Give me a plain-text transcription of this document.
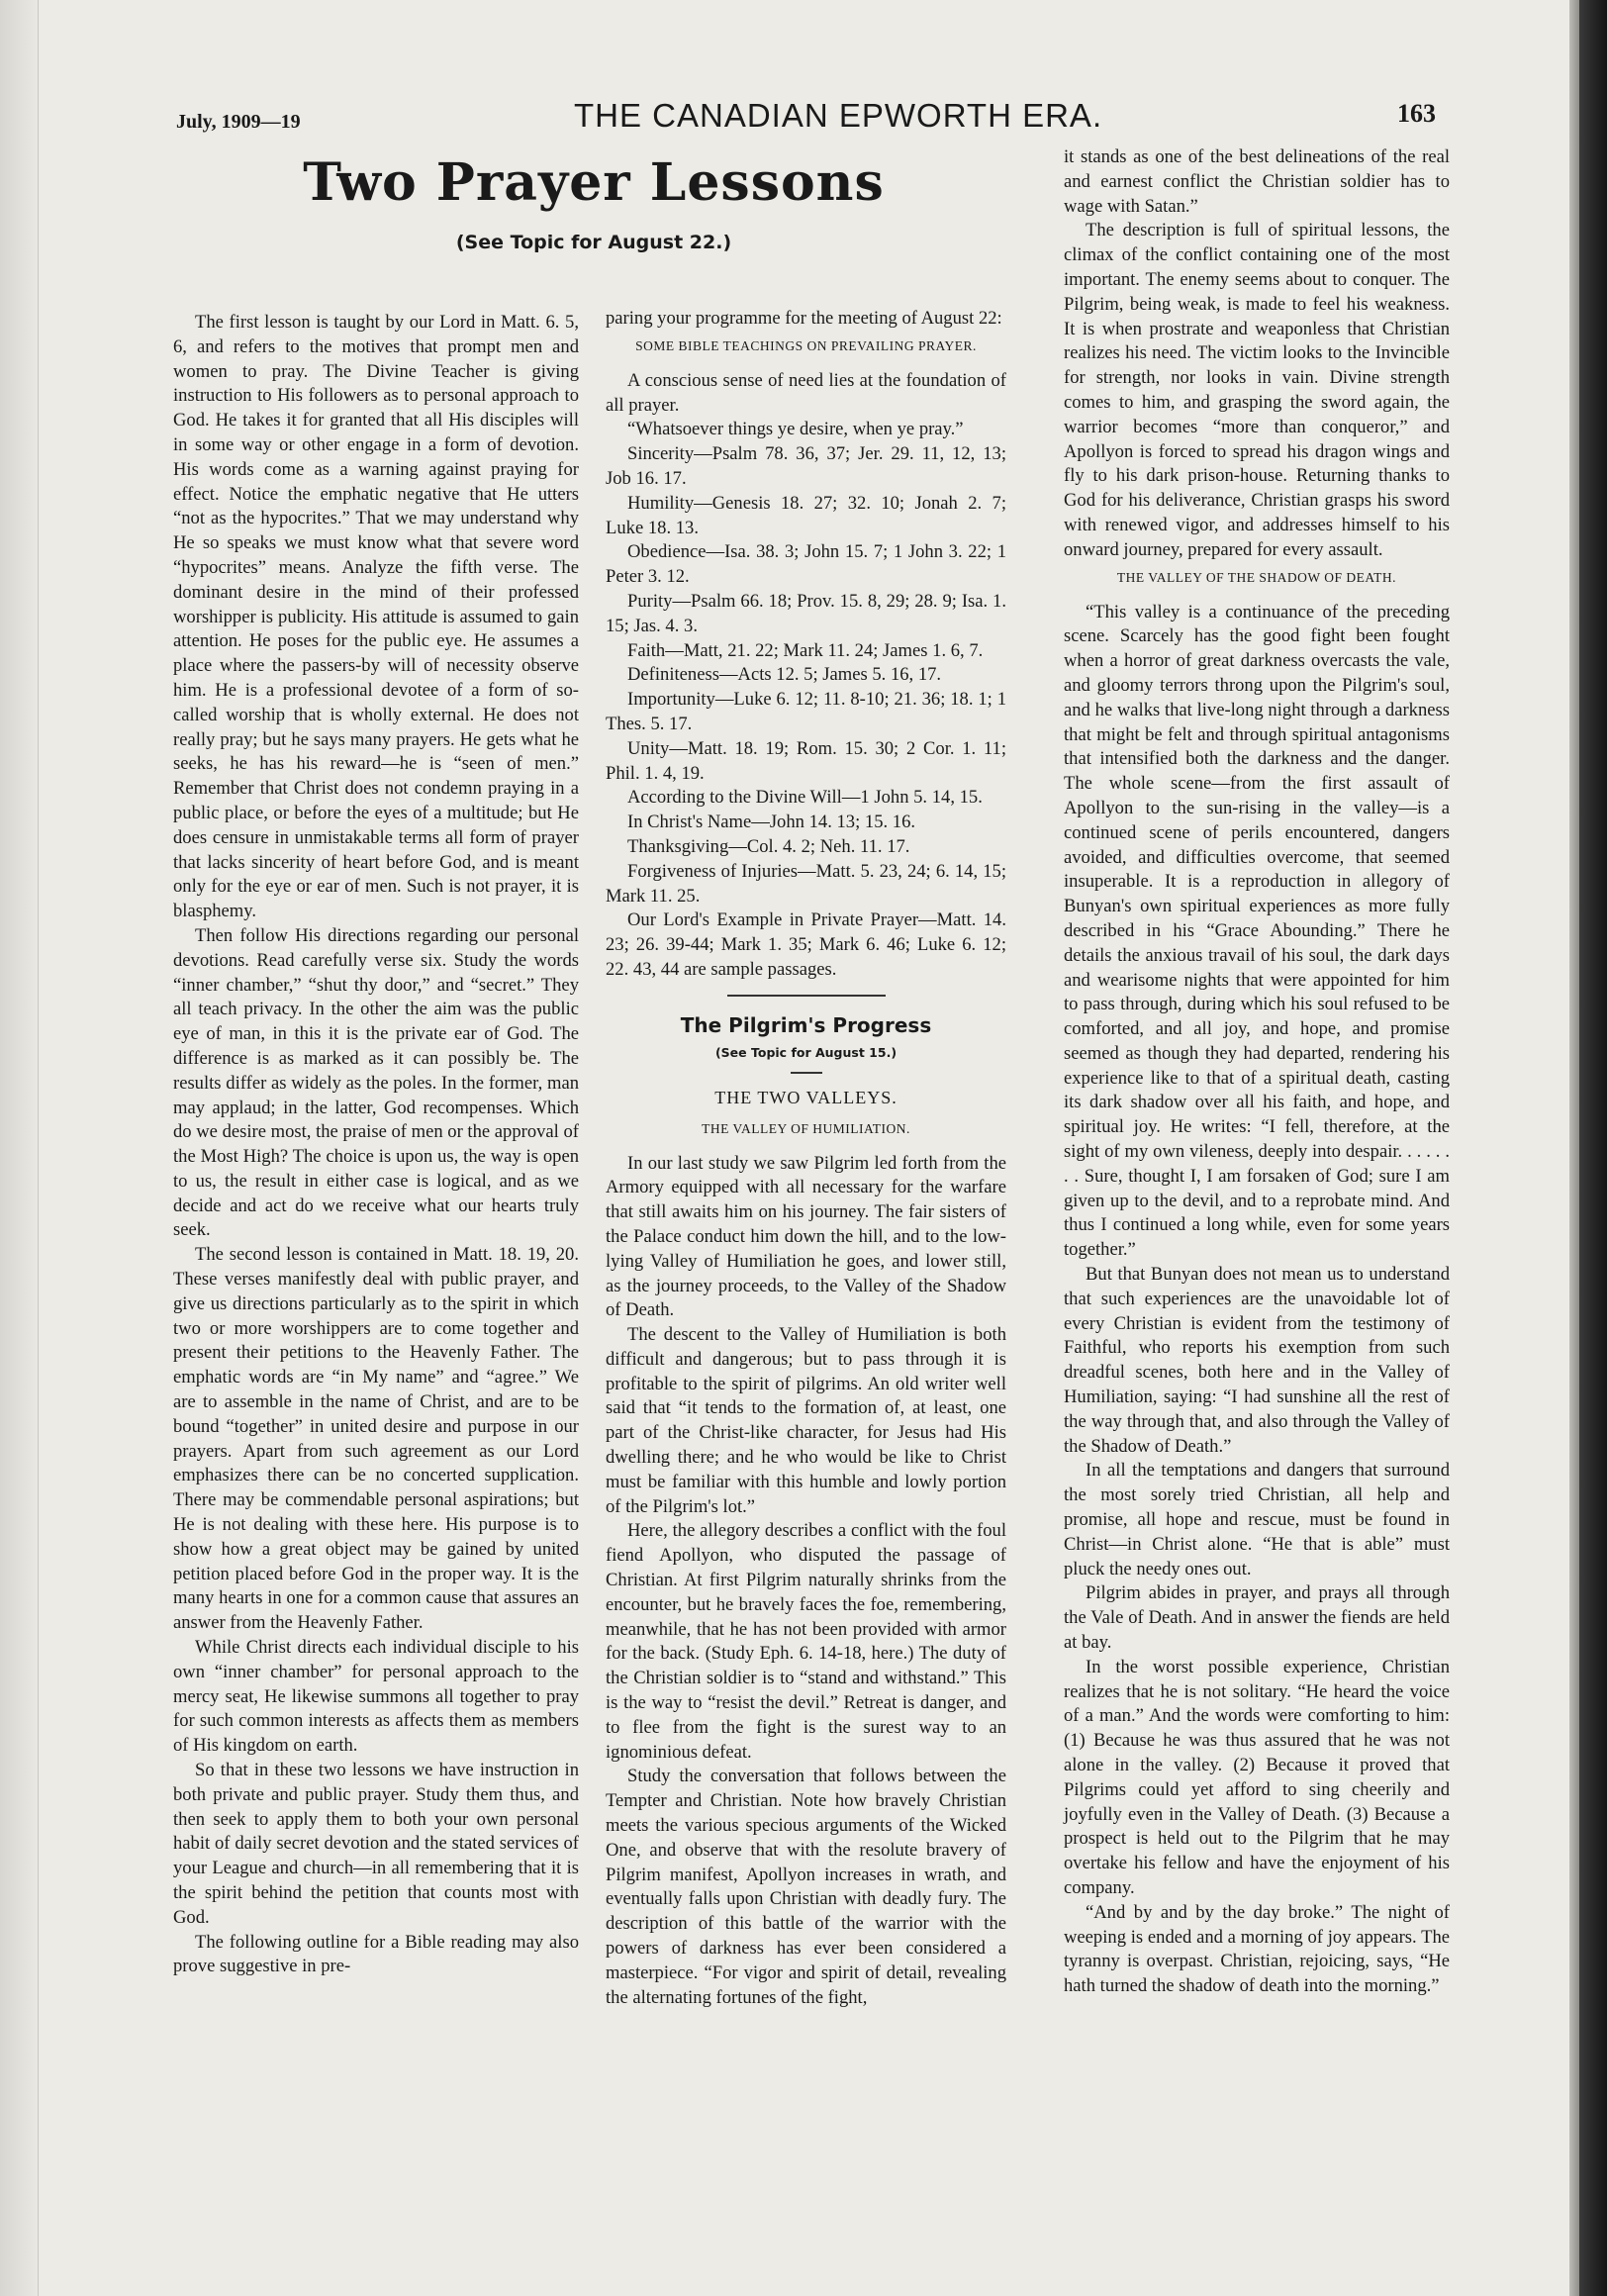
July, 1909—19	THE CANADIAN EPWORTH ERA.	163
Two Prayer Lessons
(See Topic for August 22.)

The first lesson is taught by our Lord in Matt. 6. 5, 6, and refers to the motives that prompt men and women to pray. The Divine Teacher is giving instruction to His followers as to personal approach to God. He takes it for granted that all His disciples will in some way or other engage in a form of devotion. His words come as a warning against praying for effect. Notice the emphatic negative that He utters “not as the hypocrites.” That we may understand why He so speaks we must know what that severe word “hypocrites” means. Analyze the fifth verse. The dominant desire in the mind of their professed worshipper is publicity. His attitude is assumed to gain attention. He poses for the public eye. He assumes a place where the passers-by will of necessity observe him. He is a professional devotee of a form of so-called worship that is wholly external. He does not really pray; but he says many prayers. He gets what he seeks, he has his reward—he is “seen of men.” Remember that Christ does not condemn praying in a public place, or before the eyes of a multitude; but He does censure in unmistakable terms all form of prayer that lacks sincerity of heart before God, and is meant only for the eye or ear of men. Such is not prayer, it is blasphemy.

Then follow His directions regarding our personal devotions. Read carefully verse six. Study the words “inner chamber,” “shut thy door,” and “secret.” They all teach privacy. In the other the aim was the public eye of man, in this it is the private ear of God. The difference is as marked as it can possibly be. The results differ as widely as the poles. In the former, man may applaud; in the latter, God recompenses. Which do we desire most, the praise of men or the approval of the Most High? The choice is upon us, the way is open to us, the result in either case is logical, and as we decide and act do we receive what our hearts truly seek.

The second lesson is contained in Matt. 18. 19, 20. These verses manifestly deal with public prayer, and give us directions particularly as to the spirit in which two or more worshippers are to come together and present their petitions to the Heavenly Father. The emphatic words are “in My name” and “agree.” We are to assemble in the name of Christ, and are to be bound “together” in united desire and purpose in our prayers. Apart from such agreement as our Lord emphasizes there can be no concerted supplication. There may be commendable personal aspirations; but He is not dealing with these here. His purpose is to show how a great object may be gained by united petition placed before God in the proper way. It is the many hearts in one for a common cause that assures an answer from the Heavenly Father.

While Christ directs each individual disciple to his own “inner chamber” for personal approach to the mercy seat, He likewise summons all together to pray for such common interests as affects them as members of His kingdom on earth.

So that in these two lessons we have instruction in both private and public prayer. Study them thus, and then seek to apply them to both your own personal habit of daily secret devotion and the stated services of your League and church—in all remembering that it is the spirit behind the petition that counts most with God.

The following outline for a Bible reading may also prove suggestive in pre-

paring your programme for the meeting of August 22:

SOME BIBLE TEACHINGS ON PREVAILING PRAYER.

A conscious sense of need lies at the foundation of all prayer.

“Whatsoever things ye desire, when ye pray.”

Sincerity—Psalm 78. 36, 37; Jer. 29. 11, 12, 13; Job 16. 17.

Humility—Genesis 18. 27; 32. 10; Jonah 2. 7; Luke 18. 13.

Obedience—Isa. 38. 3; John 15. 7; 1 John 3. 22; 1 Peter 3. 12.

Purity—Psalm 66. 18; Prov. 15. 8, 29; 28. 9; Isa. 1. 15; Jas. 4. 3.

Faith—Matt, 21. 22; Mark 11. 24; James 1. 6, 7.

Definiteness—Acts 12. 5; James 5. 16, 17.

Importunity—Luke 6. 12; 11. 8-10; 21. 36; 18. 1; 1 Thes. 5. 17.

Unity—Matt. 18. 19; Rom. 15. 30; 2 Cor. 1. 11; Phil. 1. 4, 19.

According to the Divine Will—1 John 5. 14, 15.

In Christ's Name—John 14. 13; 15. 16.

Thanksgiving—Col. 4. 2; Neh. 11. 17.

Forgiveness of Injuries—Matt. 5. 23, 24; 6. 14, 15; Mark 11. 25.

Our Lord's Example in Private Prayer—Matt. 14. 23; 26. 39-44; Mark 1. 35; Mark 6. 46; Luke 6. 12; 22. 43, 44 are sample passages.

The Pilgrim's Progress
(See Topic for August 15.)
THE TWO VALLEYS.

THE VALLEY OF HUMILIATION.

In our last study we saw Pilgrim led forth from the Armory equipped with all necessary for the warfare that still awaits him on his journey. The fair sisters of the Palace conduct him down the hill, and to the low-lying Valley of Humiliation he goes, and lower still, as the journey proceeds, to the Valley of the Shadow of Death.

The descent to the Valley of Humiliation is both difficult and dangerous; but to pass through it is profitable to the spirit of pilgrims. An old writer well said that “it tends to the formation of, at least, one part of the Christ-like character, for Jesus had His dwelling there; and he who would be like to Christ must be familiar with this humble and lowly portion of the Pilgrim's lot.”

Here, the allegory describes a conflict with the foul fiend Apollyon, who disputed the passage of Christian. At first Pilgrim naturally shrinks from the encounter, but he bravely faces the foe, remembering, meanwhile, that he has not been provided with armor for the back. (Study Eph. 6. 14-18, here.) The duty of the Christian soldier is to “stand and withstand.” This is the way to “resist the devil.” Retreat is danger, and to flee from the fight is the surest way to an ignominious defeat.

Study the conversation that follows between the Tempter and Christian. Note how bravely Christian meets the various specious arguments of the Wicked One, and observe that with the resolute bravery of Pilgrim manifest, Apollyon increases in wrath, and eventually falls upon Christian with deadly fury. The description of this battle of the warrior with the powers of darkness has ever been considered a masterpiece. “For vigor and spirit of detail, revealing the alternating fortunes of the fight,

it stands as one of the best delineations of the real and earnest conflict the Christian soldier has to wage with Satan.”

The description is full of spiritual lessons, the climax of the conflict containing one of the most important. The enemy seems about to conquer. The Pilgrim, being weak, is made to feel his weakness. It is when prostrate and weaponless that Christian realizes his need. The victim looks to the Invincible for strength, nor looks in vain. Divine strength comes to him, and grasping the sword again, the warrior becomes “more than conqueror,” and Apollyon is forced to spread his dragon wings and fly to his dark prison-house. Returning thanks to God for his deliverance, Christian grasps his sword with renewed vigor, and addresses himself to his onward journey, prepared for every assault.

THE VALLEY OF THE SHADOW OF DEATH.

“This valley is a continuance of the preceding scene. Scarcely has the good fight been fought when a horror of great darkness overcasts the vale, and gloomy terrors throng upon the Pilgrim's soul, and he walks that live-long night through a darkness that might be felt and through spiritual antagonisms that intensified both the darkness and the danger. The whole scene—from the first assault of Apollyon to the sun-rising in the valley—is a continued scene of perils encountered, dangers avoided, and difficulties overcome, that seemed insuperable. It is a reproduction in allegory of Bunyan's own spiritual experiences as more fully described in his “Grace Abounding.” There he details the anxious travail of his soul, the dark days and wearisome nights that were appointed for him to pass through, during which his soul refused to be comforted, and all joy, and hope, and promise seemed as though they had departed, rendering his experience like to that of a spiritual death, casting its dark shadow over all his faith, and hope, and spiritual joy. He writes: “I fell, therefore, at the sight of my own vileness, deeply into despair. . . . . . . . Sure, thought I, I am forsaken of God; sure I am given up to the devil, and to a reprobate mind. And thus I continued a long while, even for some years together.”

But that Bunyan does not mean us to understand that such experiences are the unavoidable lot of every Christian is evident from the testimony of Faithful, who reports his exemption from such dreadful scenes, both here and in the Valley of Humiliation, saying: “I had sunshine all the rest of the way through that, and also through the Valley of the Shadow of Death.”

In all the temptations and dangers that surround the most sorely tried Christian, all help and promise, all hope and rescue, must be found in Christ—in Christ alone. “He that is able” must pluck the needy ones out.

Pilgrim abides in prayer, and prays all through the Vale of Death. And in answer the fiends are held at bay.

In the worst possible experience, Christian realizes that he is not solitary. “He heard the voice of a man.” And the words were comforting to him: (1) Because he was thus assured that he was not alone in the valley. (2) Because it proved that Pilgrims could yet afford to sing cheerily and joyfully even in the Valley of Death. (3) Because a prospect is held out to the Pilgrim that he may overtake his fellow and have the enjoyment of his company.

“And by and by the day broke.” The night of weeping is ended and a morning of joy appears. The tyranny is overpast. Christian, rejoicing, says, “He hath turned the shadow of death into the morning.”
